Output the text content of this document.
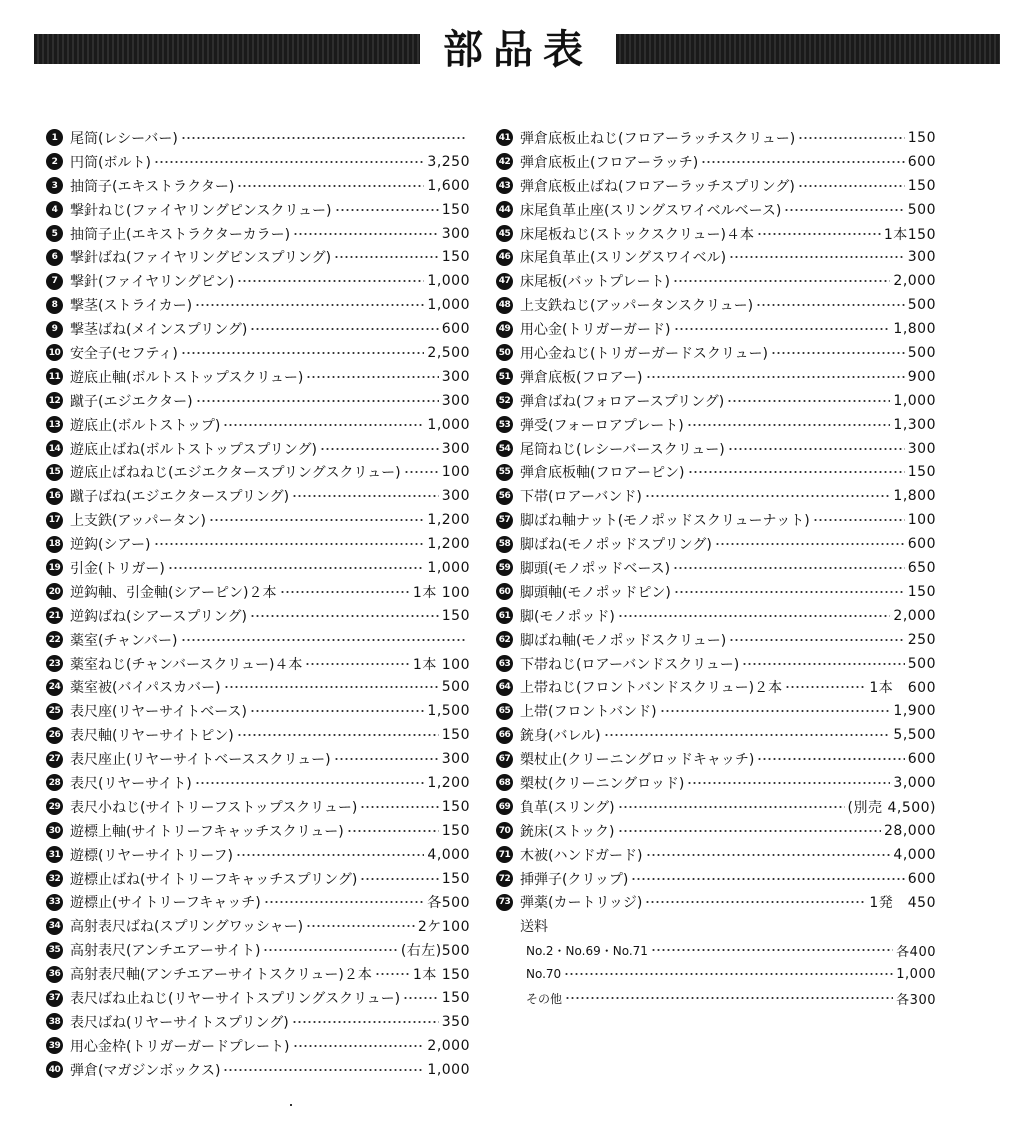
部品表
1 尾筒(レシーバー)
2 円筒(ボルト)	3,250
3 抽筒子(エキストラクター)	1,600
4 撃針ねじ(ファイヤリングピンスクリュー)	150
5 抽筒子止(エキストラクターカラー)	300
6 撃針ばね(ファイヤリングピンスプリング)	150
7 撃針(ファイヤリングピン)	1,000
8 撃茎(ストライカー)	1,000
9 撃茎ばね(メインスプリング)	600
10 安全子(セフティ)	2,500
11 遊底止軸(ボルトストップスクリュー)	300
12 蹴子(エジエクター)	300
13 遊底止(ボルトストップ)	1,000
14 遊底止ばね(ボルトストップスプリング)	300
15 遊底止ばねねじ(エジエクタースプリングスクリュー)	100
16 蹴子ばね(エジエクタースプリング)	300
17 上支鉄(アッパータン)	1,200
18 逆鈎(シアー)	1,200
19 引金(トリガー)	1,000
20 逆鈎軸、引金軸(シアーピン)２本	1本 100
21 逆鈎ばね(シアースプリング)	150
22 薬室(チャンバー)
23 薬室ねじ(チャンバースクリュー)４本	1本 100
24 薬室被(バイパスカバー)	500
25 表尺座(リヤーサイトベース)	1,500
26 表尺軸(リヤーサイトピン)	150
27 表尺座止(リヤーサイトベーススクリュー)	300
28 表尺(リヤーサイト)	1,200
29 表尺小ねじ(サイトリーフストップスクリュー)	150
30 遊標上軸(サイトリーフキャッチスクリュー)	150
31 遊標(リヤーサイトリーフ)	4,000
32 遊標止ばね(サイトリーフキャッチスプリング)	150
33 遊標止(サイトリーフキャッチ)	各500
34 高射表尺ばね(スプリングワッシャー)	2ケ100
35 高射表尺(アンチエアーサイト)	(右左)500
36 高射表尺軸(アンチエアーサイトスクリュー)２本	1本 150
37 表尺ばね止ねじ(リヤーサイトスプリングスクリュー)	150
38 表尺ばね(リヤーサイトスプリング)	350
39 用心金枠(トリガーガードプレート)	2,000
40 弾倉(マガジンボックス)	1,000
41 弾倉底板止ねじ(フロアーラッチスクリュー)	150
42 弾倉底板止(フロアーラッチ)	600
43 弾倉底板止ばね(フロアーラッチスプリング)	150
44 床尾負革止座(スリングスワイベルベース)	500
45 床尾板ねじ(ストックスクリュー)４本	1本150
46 床尾負革止(スリングスワイベル)	300
47 床尾板(バットプレート)	2,000
48 上支鉄ねじ(アッパータンスクリュー)	500
49 用心金(トリガーガード)	1,800
50 用心金ねじ(トリガーガードスクリュー)	500
51 弾倉底板(フロアー)	900
52 弾倉ばね(フォロアースプリング)	1,000
53 弾受(フォーロアプレート)	1,300
54 尾筒ねじ(レシーバースクリュー)	300
55 弾倉底板軸(フロアーピン)	150
56 下帯(ロアーバンド)	1,800
57 脚ばね軸ナット(モノポッドスクリューナット)	100
58 脚ばね(モノポッドスプリング)	600
59 脚頭(モノポッドベース)	650
60 脚頭軸(モノポッドピン)	150
61 脚(モノポッド)	2,000
62 脚ばね軸(モノポッドスクリュー)	250
63 下帯ねじ(ロアーバンドスクリュー)	500
64 上帯ねじ(フロントバンドスクリュー)２本	1本　600
65 上帯(フロントバンド)	1,900
66 銃身(バレル)	5,500
67 槊杖止(クリーニングロッドキャッチ)	600
68 槊杖(クリーニングロッド)	3,000
69 負革(スリング)	(別売 4,500)
70 銃床(ストック)	28,000
71 木被(ハンドガード)	4,000
72 挿弾子(クリップ)	600
73 弾薬(カートリッジ)	1発　450
送料
No.2・No.69・No.71	各400
No.70	1,000
その他	各300
